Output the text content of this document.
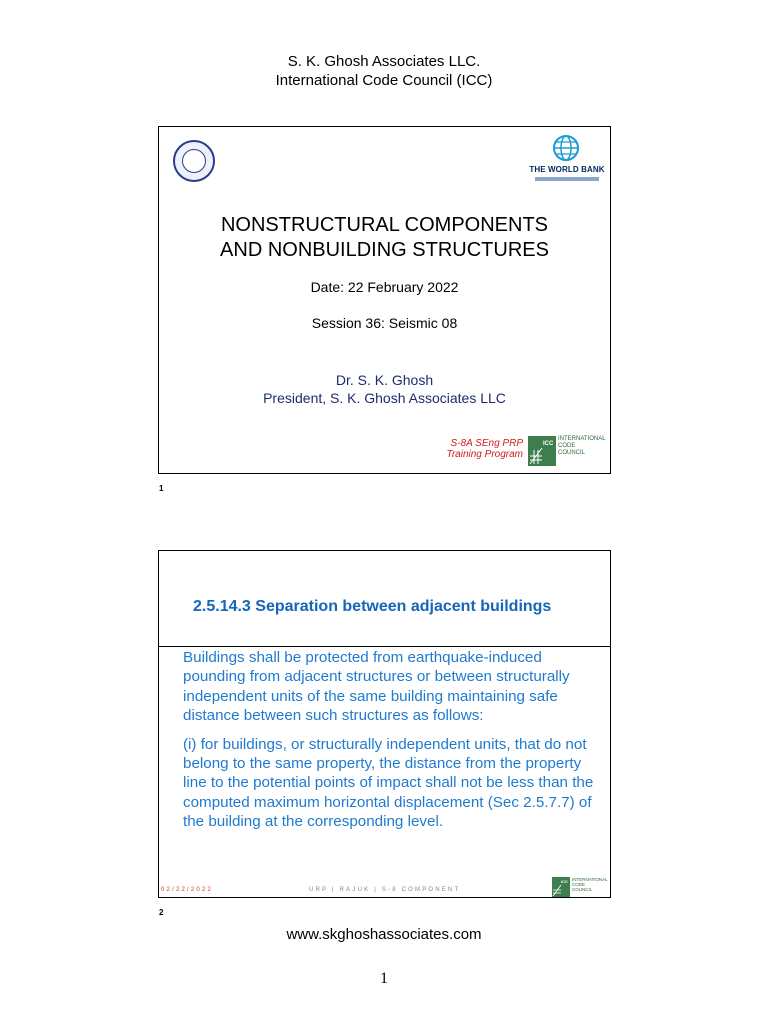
S. K. Ghosh Associates LLC.
International Code Council (ICC)
THE WORLD BANK
NONSTRUCTURAL COMPONENTS
AND NONBUILDING STRUCTURES
Date: 22 February 2022
Session 36: Seismic 08
Dr. S. K. Ghosh
President, S. K. Ghosh Associates LLC
S-8A SEng PRP
Training Program
ICC
INTERNATIONAL
CODE
COUNCIL
1
2.5.14.3 Separation between adjacent buildings

Buildings shall be protected from earthquake-induced pounding from adjacent structures or between structurally independent units of the same building maintaining safe distance between such structures as follows:

(i) for buildings, or structurally independent units, that do not belong to the same property, the distance from the property line to the potential points of impact shall not be less than the computed maximum horizontal displacement (Sec 2.5.7.7) of the building at the corresponding level.

02/22/2022	URP | RAJUK | S-8 COMPONENT
ICC INTERNATIONAL
CODE
COUNCIL
2
www.skghoshassociates.com
1
